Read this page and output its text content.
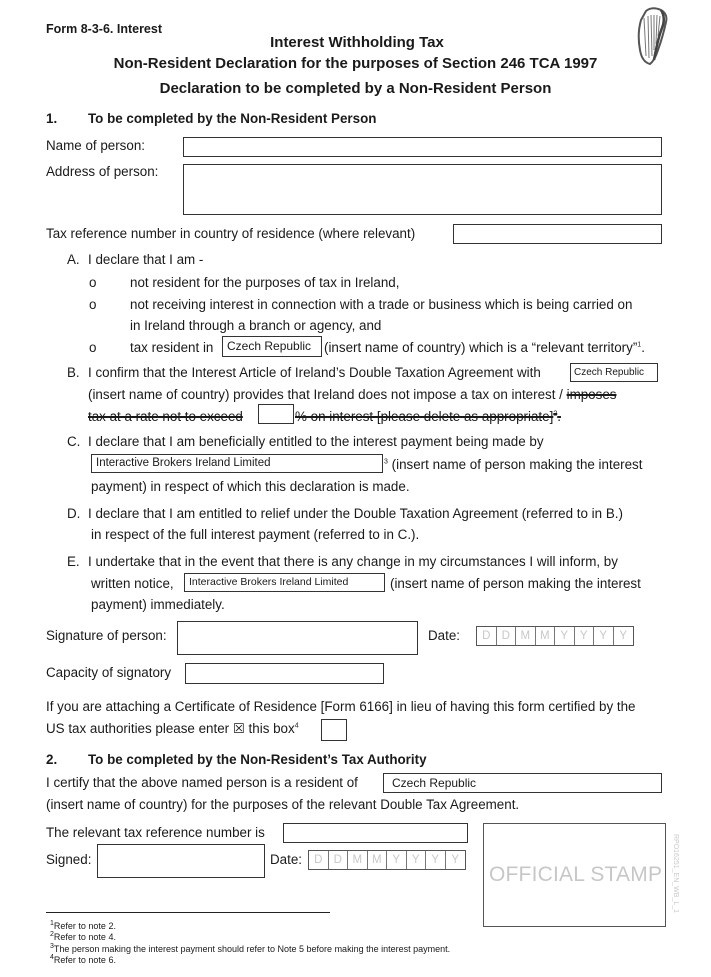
Form 8-3-6. Interest
Interest Withholding Tax
Non-Resident Declaration for the purposes of Section 246 TCA 1997
Declaration to be completed by a Non-Resident Person
1. To be completed by the Non-Resident Person
Name of person:
Address of person:
Tax reference number in country of residence (where relevant)
A. I declare that I am -
o	not resident for the purposes of tax in Ireland,
o	not receiving interest in connection with a trade or business which is being carried on
in Ireland through a branch or agency, and
o	tax resident in	Czech Republic (insert name of country) which is a “relevant territory”$^1$.
B. I confirm that the Interest Article of Ireland’s Double Taxation Agreement with	Czech Republic
(insert name of country) provides that Ireland does not impose a tax on interest / imposes
tax at a rate not to exceed	% on interest [please delete as appropriate]$^2$.
C. I declare that I am beneficially entitled to the interest payment being made by
Interactive Brokers Ireland Limited	$^3$ (insert name of person making the interest
payment) in respect of which this declaration is made.
D. I declare that I am entitled to relief under the Double Taxation Agreement (referred to in B.)
in respect of the full interest payment (referred to in C.).
E. I undertake that in the event that there is any change in my circumstances I will inform, by
written notice,	Interactive Brokers Ireland Limited	(insert name of person making the interest
payment) immediately.
Signature of person:	Date:	D D M M Y	Y	Y	Y
Capacity of signatory
If you are attaching a Certificate of Residence [Form 6166] in lieu of having this form certified by the
US tax authorities please enter ☒ this box$^4$
2. To be completed by the Non-Resident’s Tax Authority
I certify that the above named person is a resident of	Czech Republic
(insert name of country) for the purposes of the relevant Double Tax Agreement.
The relevant tax reference number is
Signed:	Date:	D D M M Y	Y	Y	Y
OFFICIAL STAMP RPO16251_EN_WB_L_1
$^1$Refer to note 2.
$^2$Refer to note 4.
$^3$The person making the interest payment should refer to Note 5 before making the interest payment.
$^4$Refer to note 6.
